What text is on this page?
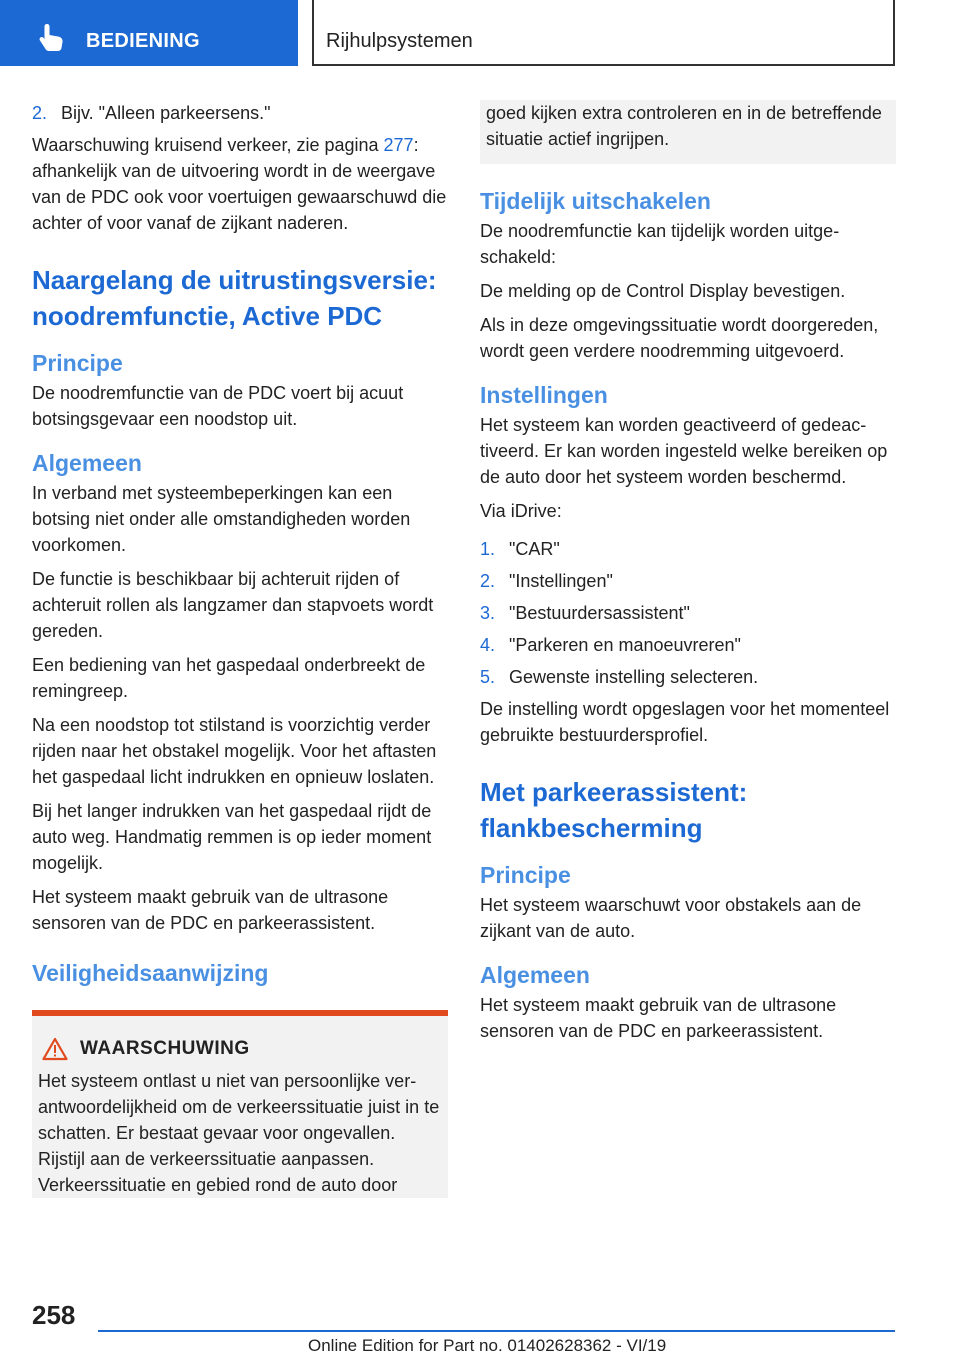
BEDIENING	Rijhulpsystemen
2. Bijv. "Alleen parkeersens."

Waarschuwing kruisend verkeer, zie pagina 277: afhankelijk van de uitvoering wordt in de weergave van de PDC ook voor voertuigen gewaarschuwd die achter of voor vanaf de zijkant naderen.

Naargelang de uitrustingsversie: noodremfunctie, Active PDC
Principe

De noodremfunctie van de PDC voert bij acuut botsingsgevaar een noodstop uit.

Algemeen

In verband met systeembeperkingen kan een botsing niet onder alle omstandigheden worden voorkomen.

De functie is beschikbaar bij achteruit rijden of achteruit rollen als langzamer dan stapvoets wordt gereden.

Een bediening van het gaspedaal onderbreekt de remingreep.

Na een noodstop tot stilstand is voorzichtig verder rijden naar het obstakel mogelijk. Voor het aftasten het gaspedaal licht indrukken en opnieuw loslaten.

Bij het langer indrukken van het gaspedaal rijdt de auto weg. Handmatig remmen is op ieder moment mogelijk.

Het systeem maakt gebruik van de ultrasone sensoren van de PDC en parkeerassistent.

Veiligheidsaanwijzing
WAARSCHUWING

Het systeem ontlast u niet van persoonlijke verantwoordelijkheid om de verkeerssituatie juist in te schatten. Er bestaat gevaar voor ongevallen. Rijstijl aan de verkeerssituatie aanpassen. Verkeerssituatie en gebied rond de auto door

goed kijken extra controleren en in de betreffende situatie actief ingrijpen.

Tijdelijk uitschakelen

De noodremfunctie kan tijdelijk worden uitgeschakeld:

De melding op de Control Display bevestigen.

Als in deze omgevingssituatie wordt doorgereden, wordt geen verdere noodremming uitgevoerd.

Instellingen

Het systeem kan worden geactiveerd of gedeactiveerd. Er kan worden ingesteld welke bereiken op de auto door het systeem worden beschermd.

Via iDrive:

1. "CAR"
2. "Instellingen"
3. "Bestuurdersassistent"
4. "Parkeren en manoeuvreren"
5. Gewenste instelling selecteren.

De instelling wordt opgeslagen voor het momenteel gebruikte bestuurdersprofiel.

Met parkeerassistent: flankbescherming
Principe

Het systeem waarschuwt voor obstakels aan de zijkant van de auto.

Algemeen

Het systeem maakt gebruik van de ultrasone sensoren van de PDC en parkeerassistent.

258
Online Edition for Part no. 01402628362 - VI/19
